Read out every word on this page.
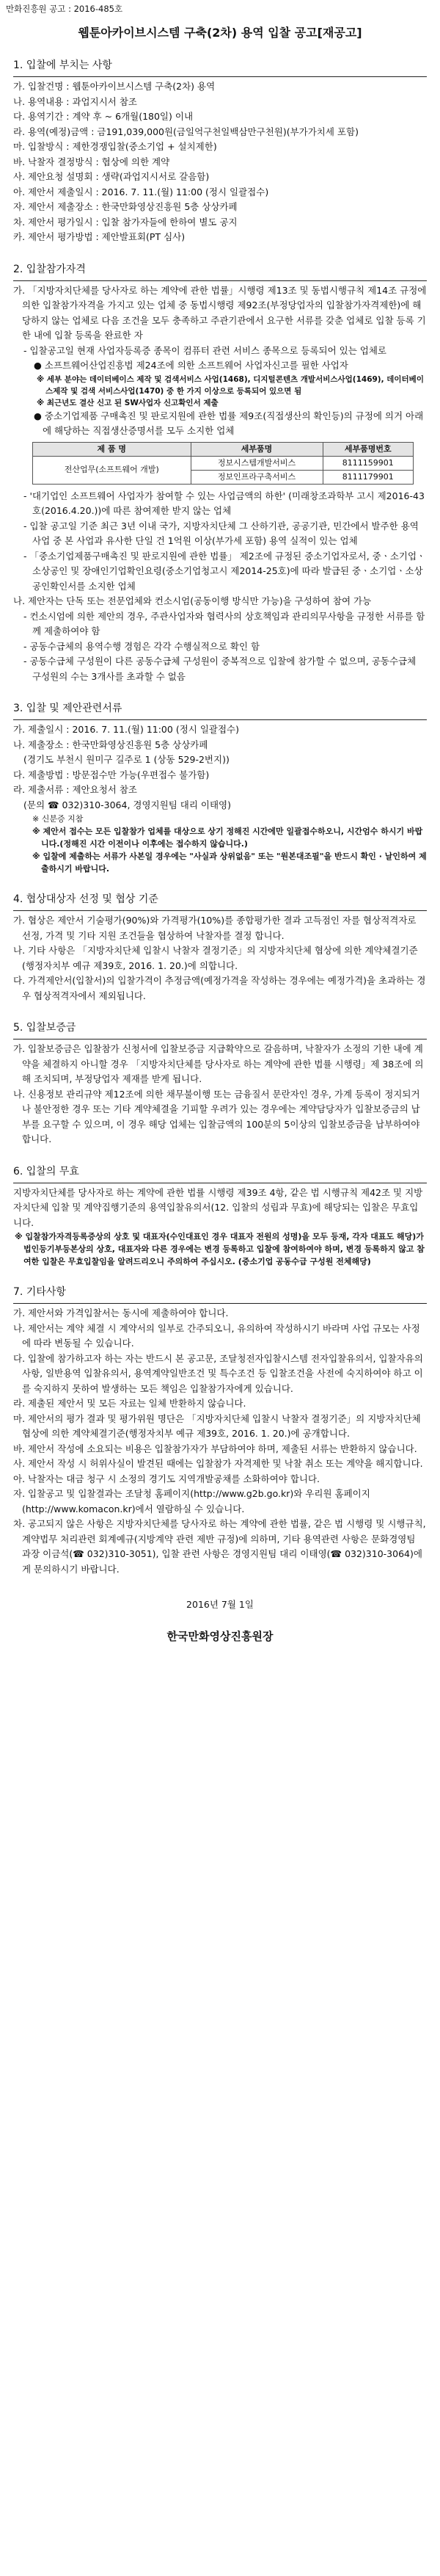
만화진흥원 공고 : 2016-485호

웹툰아카이브시스템 구축(2차) 용역 입찰 공고[재공고]
1. 입찰에 부치는 사항

가. 입찰건명 : 웹툰아카이브시스템 구축(2차) 용역

나. 용역내용 : 과업지시서 참조

다. 용역기간 : 계약 후 ~ 6개월(180일) 이내

라. 용역(예정)금액 : 금191,039,000원(금일억구천일백삼만구천원)(부가가치세 포함)

마. 입찰방식 : 제한경쟁입찰(중소기업 + 설치제한)

바. 낙찰자 결정방식 : 협상에 의한 계약

사. 제안요청 설명회 : 생략(과업지시서로 갈음함)

아. 제안서 제출일시 : 2016. 7. 11.(월) 11:00 (정시 일괄접수)

자. 제안서 제출장소 : 한국만화영상진흥원 5층 상상카페

차. 제안서 평가일시 : 입찰 참가자들에 한하여 별도 공지

카. 제안서 평가방법 : 제안발표회(PT 심사)

2. 입찰참가자격

가. 「지방자치단체를 당사자로 하는 계약에 관한 법률」시행령 제13조 및 동법시행규칙 제14조 규정에 의한 입찰참가자격을 가지고 있는 업체 중 동법시행령 제92조(부정당업자의 입찰참가자격제한)에 해당하지 않는 업체로 다음 조건을 모두 충족하고 주관기관에서 요구한 서류를 갖춘 업체로 입찰 등록 기한 내에 입찰 등록을 완료한 자

- 입찰공고일 현재 사업자등록증 종목이 컴퓨터 관련 서비스 종목으로 등록되어 있는 업체로

● 소프트웨어산업진흥법 제24조에 의한 소프트웨어 사업자신고를 필한 사업자

※ 세부 분야는 데이터베이스 제작 및 검색서비스 사업(1468), 디지털콘텐츠 개발서비스사업(1469), 데이터베이스제작 및 검색 서비스사업(1470) 중 한 가지 이상으로 등록되어 있으면 됨

※ 최근년도 결산 신고 된 SW사업자 신고확인서 제출

● 중소기업제품 구매촉진 및 판로지원에 관한 법률 제9조(직접생산의 확인등)의 규정에 의거 아래에 해당하는 직접생산증명서를 모두 소지한 업체

제 품 명	세부품명	세부품명번호
전산업무(소프트웨어 개발)	정보시스템개발서비스	8111159901
	정보인프라구축서비스	8111179901

- '대기업인 소프트웨어 사업자가 참여할 수 있는 사업금액의 하한' (미래창조과학부 고시 제2016-43호(2016.4.20.))에 따른 참여제한 받지 않는 업체

- 입찰 공고일 기준 최근 3년 이내 국가, 지방자치단체 그 산하기관, 공공기관, 민간에서 발주한 용역사업 중 본 사업과 유사한 단일 건 1억원 이상(부가세 포함) 용역 실적이 있는 업체

- 「중소기업제품구매촉진 및 판로지원에 관한 법률」 제2조에 규정된 중소기업자로서, 중ㆍ소기업ㆍ소상공인 및 장애인기업확인요령(중소기업청고시 제2014-25호)에 따라 발급된 중ㆍ소기업ㆍ소상공인확인서를 소지한 업체

나. 제안자는 단독 또는 전문업체와 컨소시엄(공동이행 방식만 가능)을 구성하여 참여 가능

- 컨소시엄에 의한 제안의 경우, 주관사업자와 협력사의 상호책임과 관리의무사항을 규정한 서류를 함께 제출하여야 함

- 공동수급체의 용역수행 경험은 각각 수행실적으로 확인 함

- 공동수급체 구성원이 다른 공동수급체 구성원이 중복적으로 입찰에 참가할 수 없으며, 공동수급체 구성원의 수는 3개사를 초과할 수 없음

3. 입찰 및 제안관련서류

가. 제출일시 : 2016. 7. 11.(월) 11:00 (정시 일괄접수)

나. 제출장소 : 한국만화영상진흥원 5층 상상카페

(경기도 부천시 원미구 길주로 1 (상동 529-2번지))

다. 제출방법 : 방문접수만 가능(우편접수 불가함)

라. 제출서류 : 제안요청서 참조

(문의 ☎ 032)310-3064, 경영지원팀 대리 이태영)

※ 신분증 지참

※ 제안서 접수는 모든 입찰참가 업체를 대상으로 상기 정해진 시간에만 일괄접수하오니, 시간엄수 하시기 바랍니다.(정해진 시간 이전이나 이후에는 접수하지 않습니다.)

※ 입찰에 제출하는 서류가 사본일 경우에는 "사실과 상위없음" 또는 "원본대조필"을 반드시 확인 · 날인하여 제출하시기 바랍니다.

4. 협상대상자 선정 및 협상 기준

가. 협상은 제안서 기술평가(90%)와 가격평가(10%)를 종합평가한 결과 고득점인 자를 협상적격자로 선정, 가격 및 기타 지원 조건들을 협상하여 낙찰자를 결정 합니다.

나. 기타 사항은 「지방자치단체 입찰시 낙찰자 결정기준」의 지방자치단체 협상에 의한 계약체결기준(행정자치부 예규 제39호, 2016. 1. 20.)에 의합니다.

다. 가격제안서(입찰서)의 입찰가격이 추정금액(예정가격을 작성하는 경우에는 예정가격)을 초과하는 경우 협상적격자에서 제외됩니다.

5. 입찰보증금

가. 입찰보증금은 입찰참가 신청서에 입찰보증금 지급확약으로 갈음하며, 낙찰자가 소정의 기한 내에 계약을 체결하지 아니할 경우 「지방자치단체를 당사자로 하는 계약에 관한 법률 시행령」제 38조에 의해 조치되며, 부정당업자 제재를 받게 됩니다.

나. 신용정보 관리규약 제12조에 의한 채무불이행 또는 금융질서 문란자인 경우, 가계 등록이 정지되거나 불안정한 경우 또는 기타 계약체결을 기피할 우려가 있는 경우에는 계약담당자가 입찰보증금의 납부를 요구할 수 있으며, 이 경우 해당 업체는 입찰금액의 100분의 5이상의 입찰보증금을 납부하여야 합니다.

6. 입찰의 무효

지방자치단체를 당사자로 하는 계약에 관한 법률 시행령 제39조 4항, 같은 법 시행규칙 제42조 및 지방자치단체 입찰 및 계약집행기준의 용역입찰유의서(12. 입찰의 성립과 무효)에 해당되는 입찰은 무효입니다.

※ 입찰참가자격등록증상의 상호 및 대표자(수인대표인 경우 대표자 전원의 성명)을 모두 등재, 각자 대표도 해당)가 법인등기부등본상의 상호, 대표자와 다른 경우에는 변경 등록하고 입찰에 참여하여야 하며, 변경 등록하지 않고 참여한 입찰은 무효입찰임을 알려드리오니 주의하여 주십시오. (중소기업 공동수급 구성원 전체해당)

7. 기타사항

가. 제안서와 가격입찰서는 동시에 제출하여야 합니다.

나. 제안서는 계약 체결 시 계약서의 일부로 간주되오니, 유의하여 작성하시기 바라며 사업 규모는 사정에 따라 변동될 수 있습니다.

다. 입찰에 참가하고자 하는 자는 반드시 본 공고문, 조달청전자입찰시스템 전자입찰유의서, 입찰자유의사항, 일반용역 입찰유의서, 용역계약일반조건 및 특수조건 등 입찰조건을 사전에 숙지하여야 하고 이를 숙지하지 못하여 발생하는 모든 책임은 입찰참가자에게 있습니다.

라. 제출된 제안서 및 모든 자료는 일체 반환하지 않습니다.

마. 제안서의 평가 결과 및 평가위원 명단은 「지방자치단체 입찰시 낙찰자 결정기준」의 지방자치단체 협상에 의한 계약체결기준(행정자치부 예규 제39호, 2016. 1. 20.)에 공개합니다.

바. 제안서 작성에 소요되는 비용은 입찰참가자가 부담하여야 하며, 제출된 서류는 반환하지 않습니다.

사. 제안서 작성 시 허위사실이 발견된 때에는 입찰참가 자격제한 및 낙찰 취소 또는 계약을 해지합니다.

아. 낙찰자는 대금 청구 시 소정의 경기도 지역개발공채를 소화하여야 합니다.

자. 입찰공고 및 입찰결과는 조달청 홈페이지(http://www.g2b.go.kr)와 우리원 홈페이지(http://www.komacon.kr)에서 열람하실 수 있습니다.

차. 공고되지 않은 사항은 지방자치단체를 당사자로 하는 계약에 관한 법률, 같은 법 시행령 및 시행규칙, 계약법무 처리관련 회계예규(지방계약 관련 제반 규정)에 의하며, 기타 용역관련 사항은 문화경영팀 과장 이금석(☎ 032)310-3051), 입찰 관련 사항은 경영지원팀 대리 이태영(☎ 032)310-3064)에게 문의하시기 바랍니다.

2016년 7월 1일
한국만화영상진흥원장
